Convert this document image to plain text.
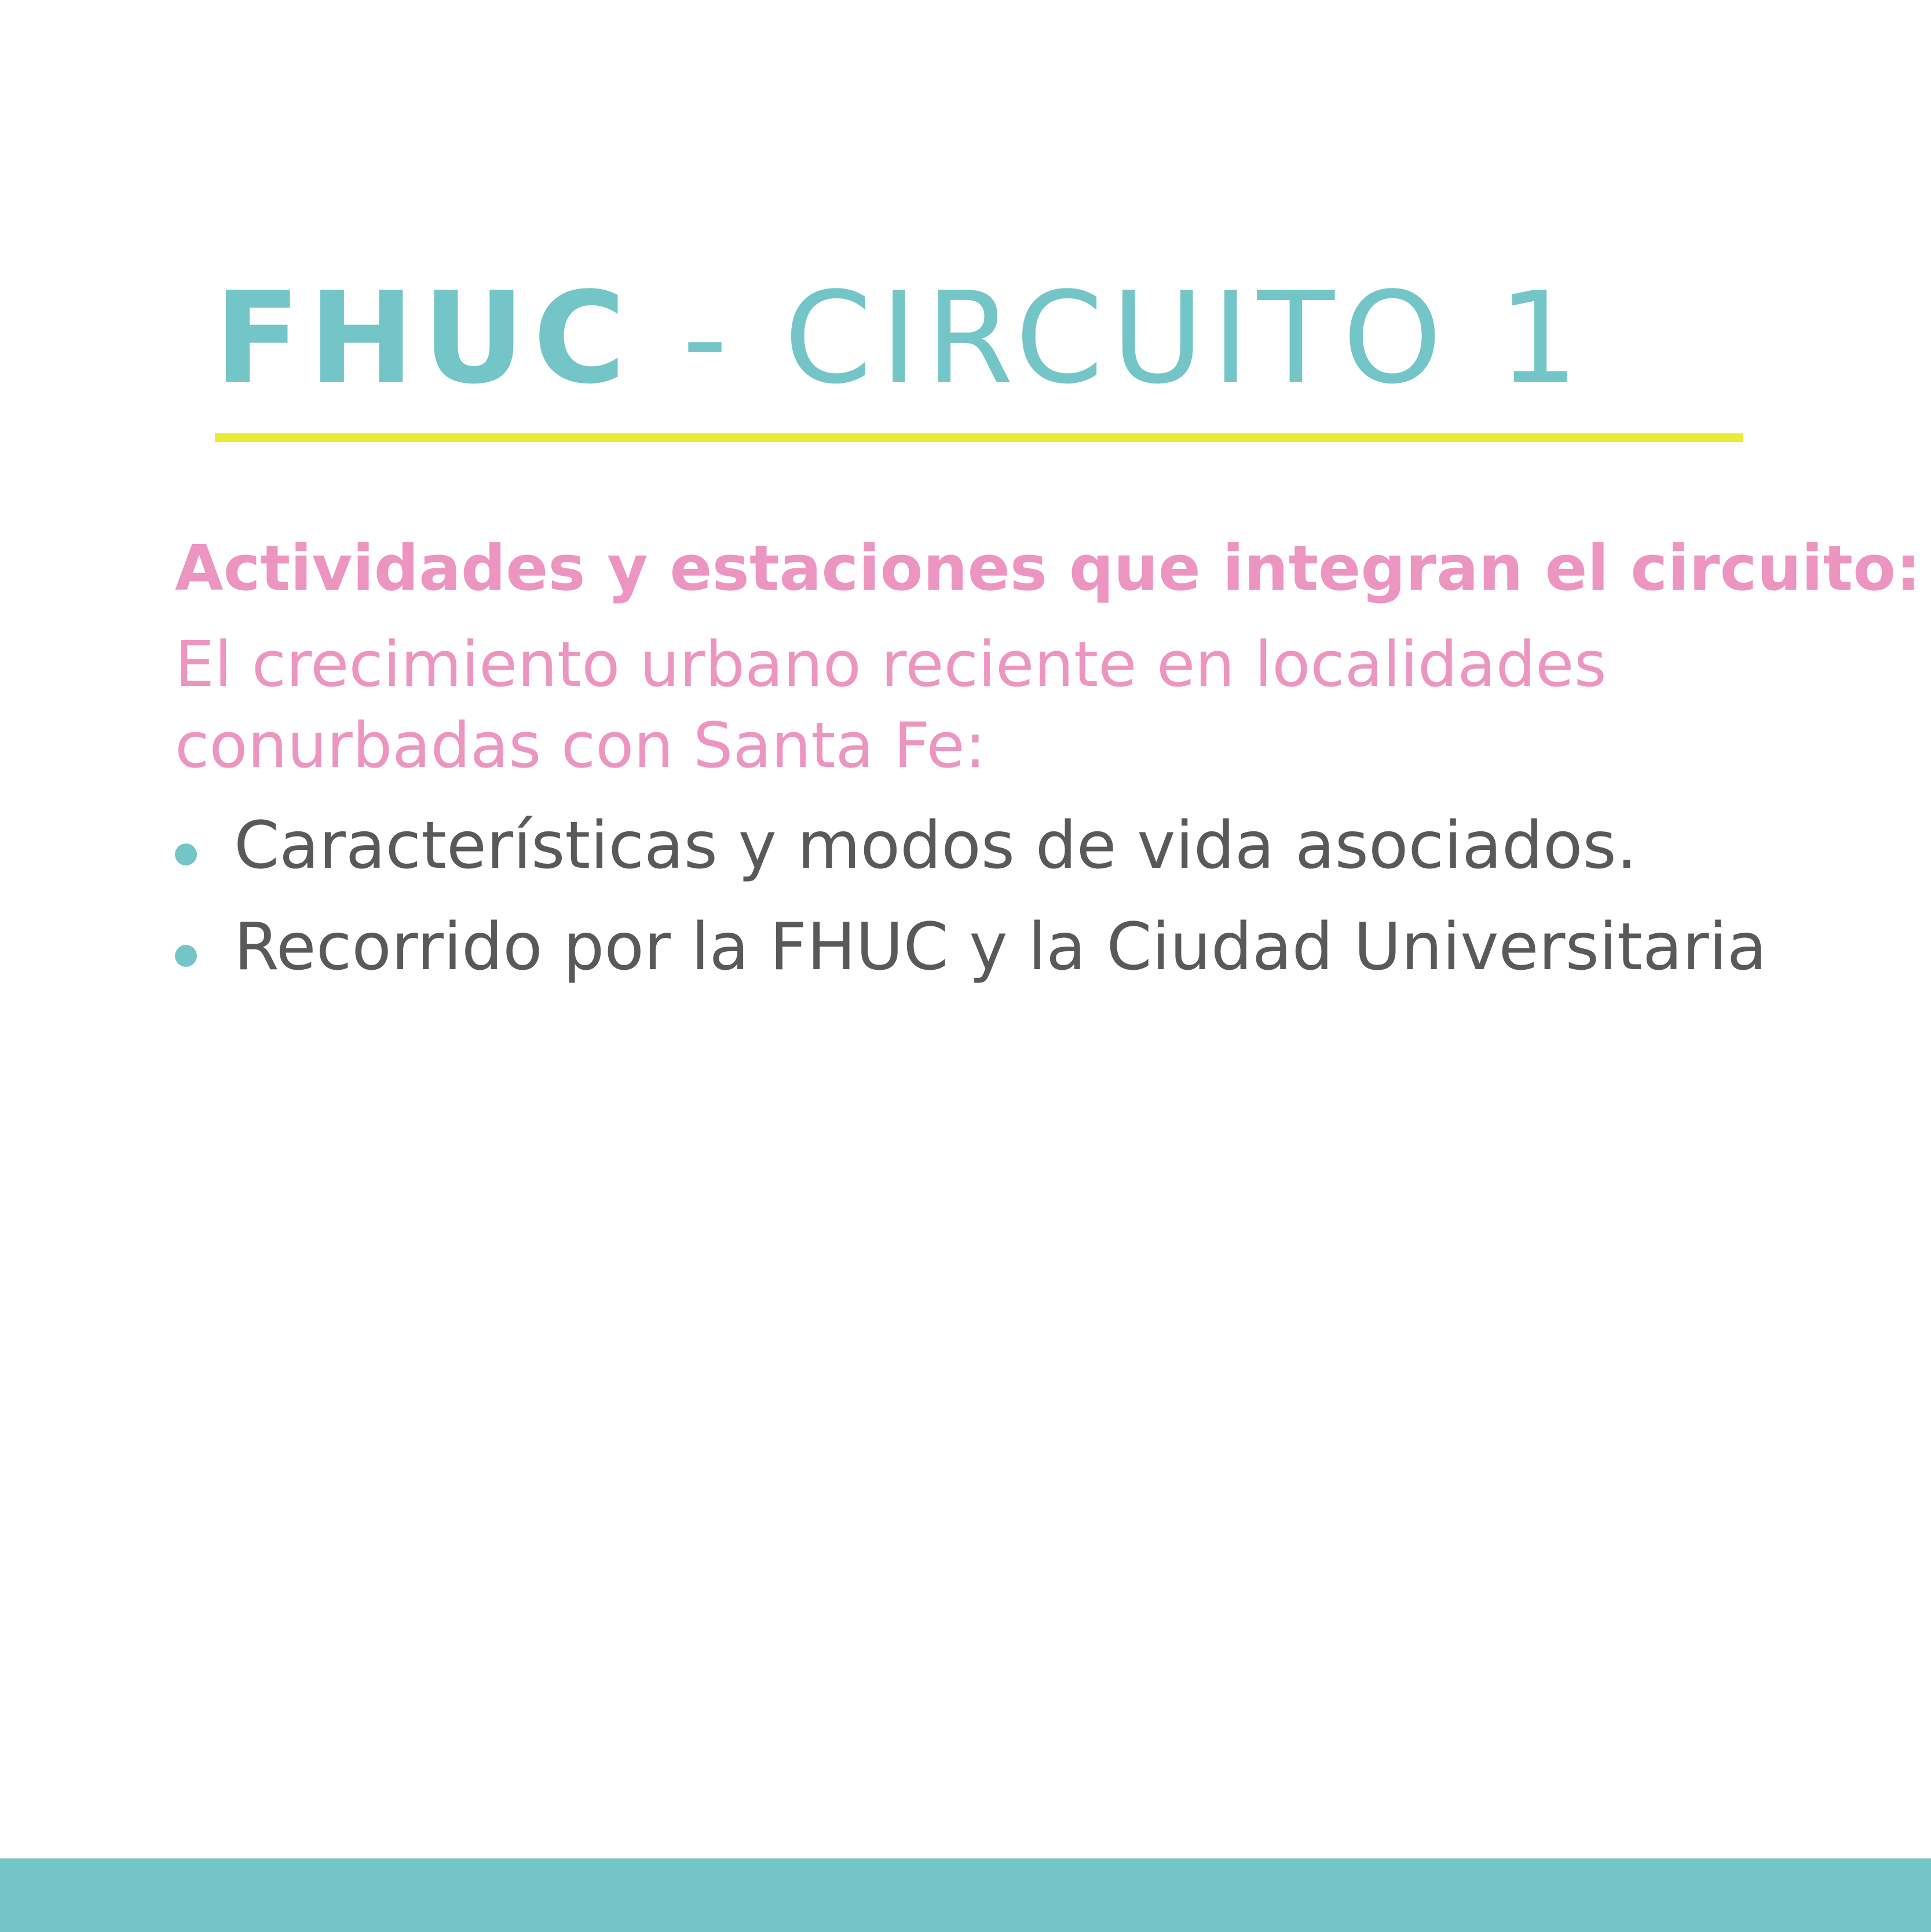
FHUC - CIRCUITO 1
Actividades y estaciones que integran el circuito:
El crecimiento urbano reciente en localidades
conurbadas con Santa Fe:
Características y modos de vida asociados.
Recorrido por la FHUC y la Ciudad Universitaria
